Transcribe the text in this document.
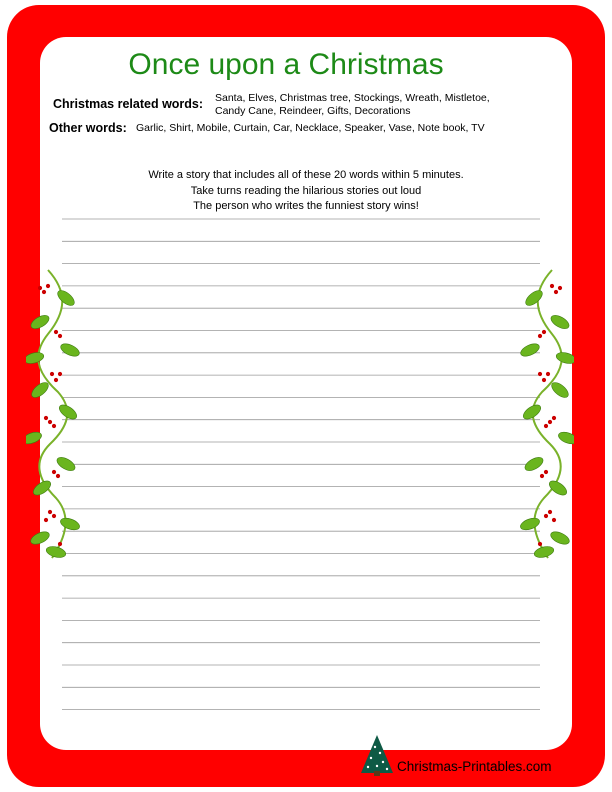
Once upon a Christmas
Christmas related words: Santa, Elves, Christmas tree, Stockings, Wreath, Mistletoe,
Candy Cane, Reindeer, Gifts, Decorations
Other words: Garlic, Shirt, Mobile, Curtain, Car, Necklace, Speaker, Vase, Note book, TV
Write a story that includes all of these 20 words within 5 minutes.
Take turns reading the hilarious stories out loud
The person who writes the funniest story wins!
Christmas-Printables.com
